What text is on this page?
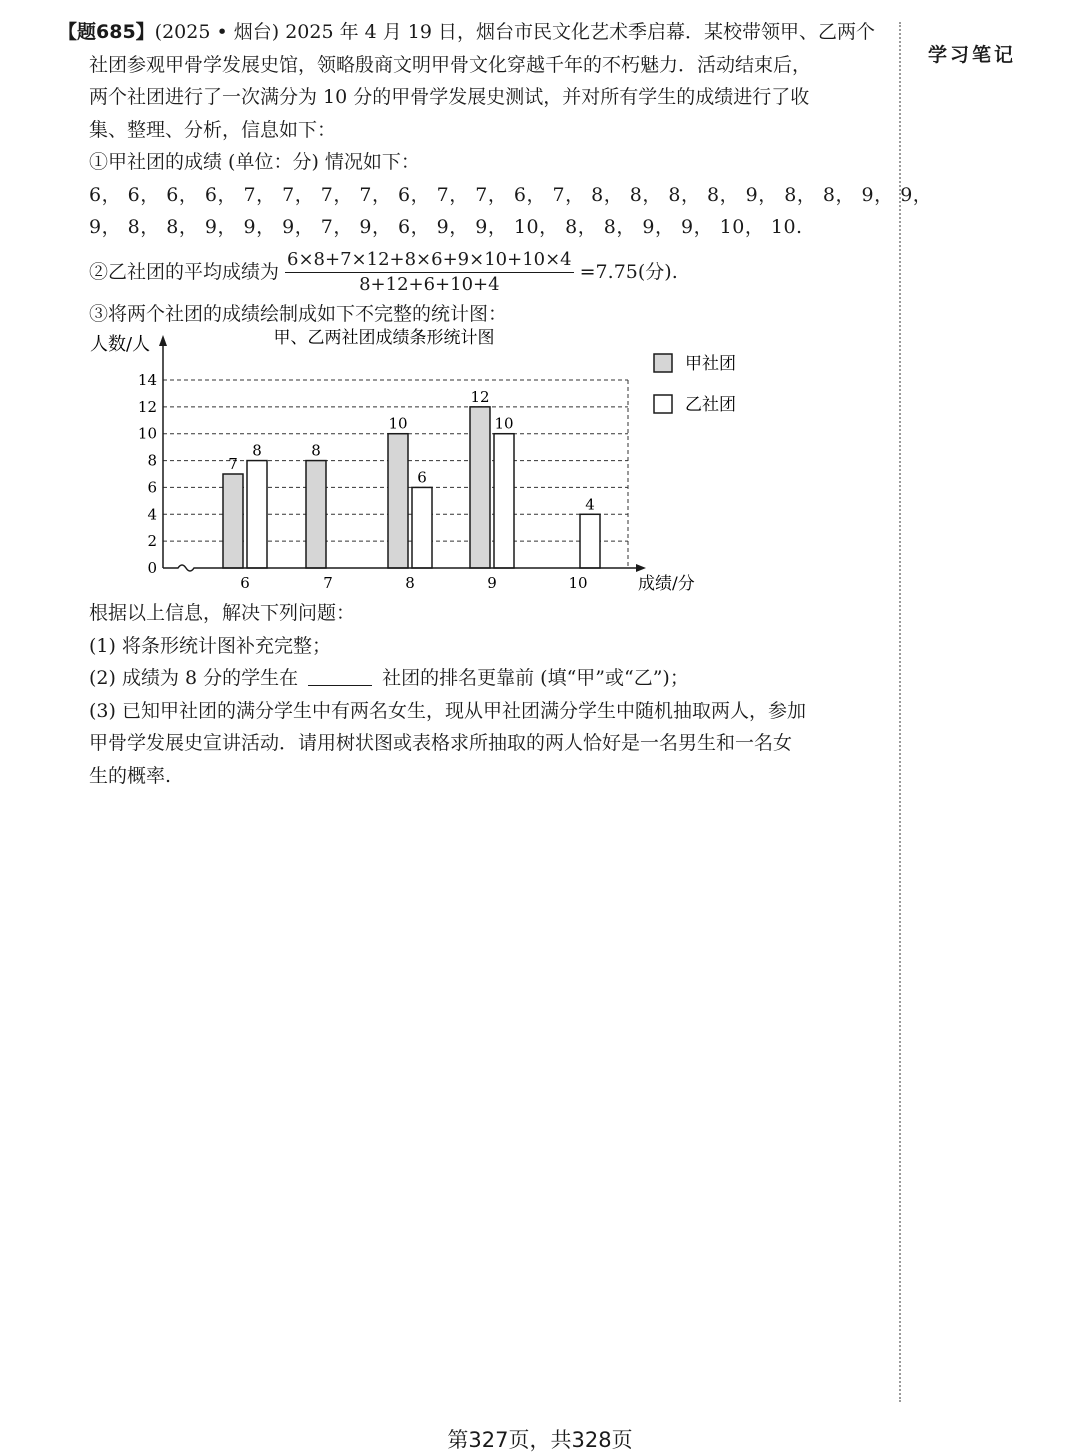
【题685】(2025 • 烟台) 2025 年 4 月 19 日，烟台市民文化艺术季启幕．某校带领甲、乙两个
社团参观甲骨学发展史馆，领略殷商文明甲骨文化穿越千年的不朽魅力．活动结束后，
两个社团进行了一次满分为 10 分的甲骨学发展史测试，并对所有学生的成绩进行了收
集、整理、分析，信息如下：
①甲社团的成绩 (单位：分) 情况如下：
6， 6， 6， 6， 7， 7， 7， 7， 6， 7， 7， 6， 7， 8， 8， 8， 8， 9， 8， 8， 9， 9，
9， 8， 8， 9， 9， 9， 7， 9， 6， 9， 9， 10， 8， 8， 9， 9， 10， 10.
②乙社团的平均成绩为 $\frac{6\times 8+7\times 12+8\times 6+9\times 10+10\times 4}{8+12+6+10+4} =7.75$(分).
③将两个社团的成绩绘制成如下不完整的统计图：
甲、乙两社团成绩条形统计图
人数/人
成绩/分
7
8
10
12
8
6
10
4
0
2
4
6
8
10
12
14
6	7	8	9	10
甲社团
乙社团
根据以上信息，解决下列问题：
(1) 将条形统计图补充完整；
(2) 成绩为 8 分的学生在	社团的排名更靠前 (填“甲”或“乙”)；
(3) 已知甲社团的满分学生中有两名女生，现从甲社团满分学生中随机抽取两人，参加
甲骨学发展史宣讲活动．请用树状图或表格求所抽取的两人恰好是一名男生和一名女
生的概率.
学习笔记
第327页，共328页
